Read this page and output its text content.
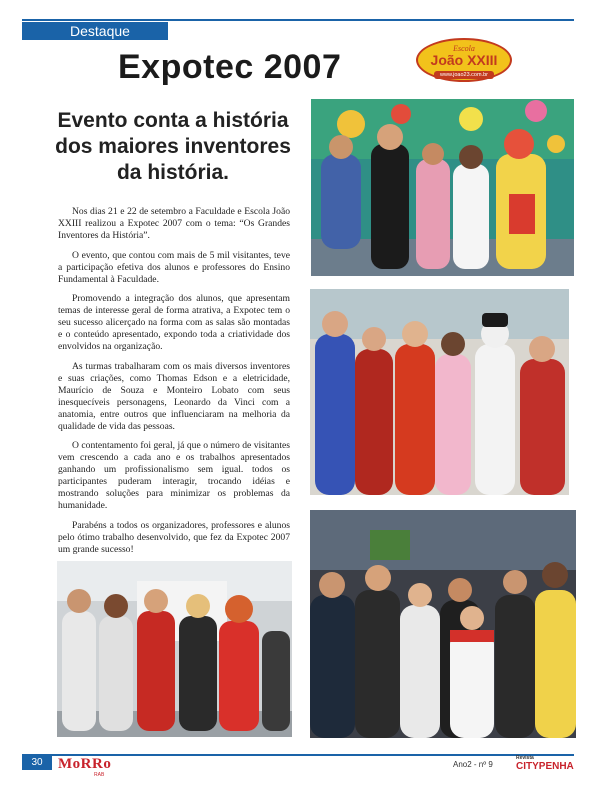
Destaque
Expotec 2007	Escola
João XXIII
www.joao23.com.br
Evento conta a história dos maiores inventores da história.

Nos dias 21 e 22 de setembro a Faculdade e Escola João XXIII realizou a Expotec 2007 com o tema: “Os Grandes Inventores da História”.

O evento, que contou com mais de 5 mil visitantes, teve a participação efetiva dos alunos e professores do Ensino Fundamental à Faculdade.

Promovendo a integração dos alunos, que apresentam temas de interesse geral de forma atrativa, a Expotec tem o seu sucesso alicerçado na forma com as salas são montadas e o conteúdo apresentado, expondo toda a criatividade dos envolvidos na organização.

As turmas trabalharam com os mais diversos inventores e suas criações, como Thomas Edson e a eletricidade, Maurício de Souza e Monteiro Lobato com seus inesquecíveis personagens, Leonardo da Vinci com a anatomia, entre outros que influenciaram na melhoria da qualidade de vida das pessoas.

O contentamento foi geral, já que o número de visitantes vem crescendo a cada ano e os trabalhos apresentados ganhando um profissionalismo sem igual. todos os participantes puderam interagir, trocando idéias e mostrando soluções para minimizar os problemas da humanidade.

Parabéns a todos os organizadores, professores e alunos pelo ótimo trabalho desenvolvido, que fez da Expotec 2007 um grande sucesso!

30	MoRRo
RAB
Ano2 - nº 9
Revista
CITYPENHA
